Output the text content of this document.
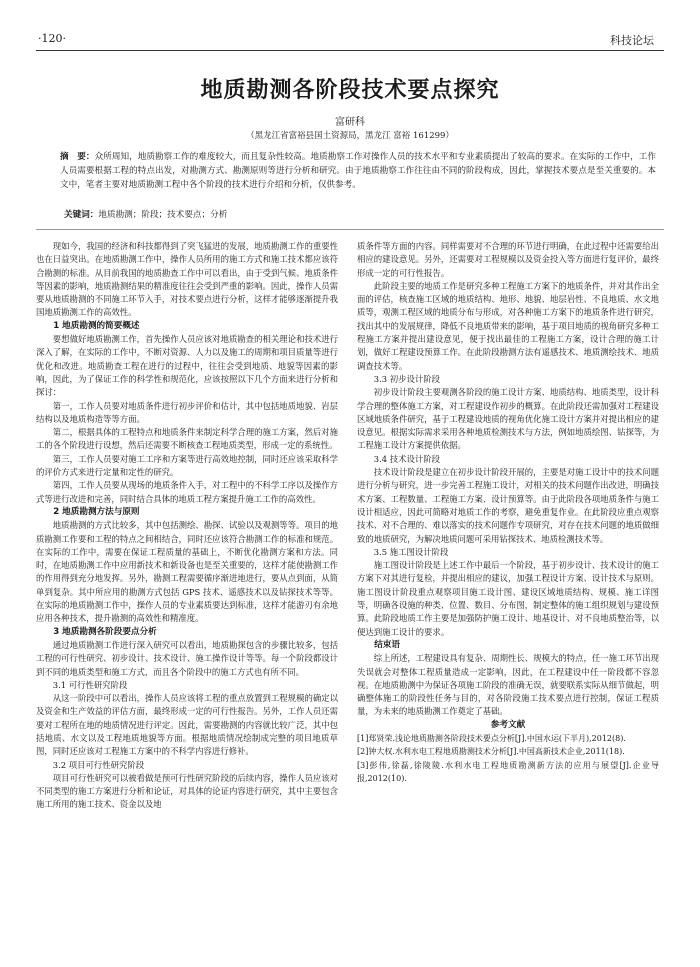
·120·	科技论坛
地质勘测各阶段技术要点探究
富研科
（黑龙江省富裕县国土资源局，黑龙江 富裕 161299）
摘　要：众所周知，地质勘察工作的难度较大，而且复杂性较高。地质勘察工作对操作人员的技术水平和专业素质提出了较高的要求。在实际的工作中，工作人员需要根据工程的特点出发，对勘测方式、勘测原则等进行分析和研究。由于地质勘察工作往往由不同的阶段构成，因此，掌握技术要点是至关重要的。本文中，笔者主要对地质勘测工程中各个阶段的技术进行介绍和分析，仅供参考。
关键词：地质勘测；阶段；技术要点；分析

现如今，我国的经济和科技都得到了突飞猛进的发展，地质勘测工作的重要性也在日益突出。在地质勘测工作中，操作人员所用的施工方式和施工技术都应该符合勘测的标准。从目前我国的地质勘查工作中可以看出，由于受到气候、地质条件等因素的影响，地质勘测结果的精准度往往会受到严重的影响。因此，操作人员需要从地质勘测的不同施工环节入手，对技术要点进行分析，这样才能够逐渐提升我国地质勘测工作的高效性。

1 地质勘测的简要概述

要想做好地质勘测工作，首先操作人员应该对地质勘查的相关理论和技术进行深入了解，在实际的工作中，不断对资源、人力以及施工的周期和项目质量等进行优化和改进。地质勘查工程在进行的过程中，往往会受到地质、地貌等因素的影响，因此，为了保证工作的科学性和规范化，应该按照以下几个方面来进行分析和探讨：

第一，工作人员要对地质条件进行初步评价和估计，其中包括地质地貌、岩层结构以及地质构造等等方面。

第二，根据具体的工程特点和地质条件来制定科学合理的施工方案，然后对施工的各个阶段进行设想，然后还需要不断核查工程地质类型，形成一定的系统性。

第三，工作人员要对施工工序和方案等进行高效地控制，同时还应该采取科学的评价方式来进行定量和定性的研究。

第四，工作人员要从现场的地质条件入手，对工程中的不科学工序以及操作方式等进行改进和完善，同时结合具体的地质工程方案提升施工工作的高效性。

2 地质勘测方法与原则

地质勘测的方式比较多，其中包括测绘、勘探、试验以及观测等等。项目的地质勘测工作要和工程的特点之间相结合，同时还应该符合勘测工作的标准和规范。在实际的工作中，需要在保证工程质量的基础上，不断优化勘测方案和方法。同时，在地质勘测工作中应用新技术和新设备也是至关重要的，这样才能使勘测工作的作用得到充分地发挥。另外，勘测工程需要循序渐进地进行，要从点到面，从简单到复杂。其中所应用的勘测方式包括 GPS 技术、遥感技术以及钻探技术等等。在实际的地质勘测工作中，操作人员的专业素质要达到标准，这样才能游刃有余地应用各种技术，提升勘测的高效性和精准度。

3 地质勘测各阶段要点分析

通过地质勘测工作进行深入研究可以看出，地质勘探包含的步骤比较多，包括工程的可行性研究、初步设计、技术设计、施工操作设计等等。每一个阶段都设计到不同的地质类型和施工方式，而且各个阶段中的施工方式也有所不同。

3.1 可行性研究阶段

从这一阶段中可以看出，操作人员应该将工程的重点放置到工程规模的确定以及资金和生产效益的评估方面，最终形成一定的可行性报告。另外，工作人员还需要对工程所在地的地质情况进行评定。因此，需要勘测的内容就比较广泛，其中包括地质、水文以及工程地质地貌等方面。根据地质情况绘制成完整的项目地质草图，同时还应该对工程施工方案中的不科学内容进行修补。

3.2 项目可行性研究阶段

项目可行性研究可以被看做是预可行性研究阶段的后续内容，操作人员应该对不同类型的施工方案进行分析和论证，对具体的论证内容进行研究，其中主要包含施工所用的施工技术、资金以及地

质条件等方面的内容。同样需要对不合理的环节进行明确，在此过程中还需要给出相应的建设意见。另外，还需要对工程规模以及资金投入等方面进行复评价，最终形成一定的可行性报告。

此阶段主要的地质工作是研究多种工程施工方案下的地质条件，并对其作出全面的评估，核查施工区域的地质结构、地形、地貌、地层岩性、不良地质、水文地质等，观测工程区域的地质分布与形成，对各种施工方案下的地质条件进行研究，找出其中的发展规律，降低不良地质带来的影响，基于项目地质的视角研究多种工程施工方案并提出建设意见，便于找出最佳的工程施工方案，设计合理的施工计划，做好工程建设预算工作。在此阶段勘测方法有遥感技术、地质测绘技术、地质调查技术等。

3.3 初步设计阶段

初步设计阶段主要观测各阶段的施工设计方案、地质结构、地质类型，设计科学合理的整体施工方案，对工程建设作初步的概算。在此阶段还需加强对工程建设区域地质条件研究，基于工程建设地质的视角优化施工设计方案并对提出相应的建设意见。根据实际需求采用各种地质检测技术与方法，例如地质绘图、钻探等，为工程施工设计方案提供依据。

3.4 技术设计阶段

技术设计阶段是建立在初步设计阶段开展的，主要是对施工设计中的技术问题进行分析与研究，进一步完善工程施工设计，对相关的技术问题作出改进，明确技术方案、工程数量、工程施工方案、设计预算等。由于此阶段各项地质条件与施工设计相适应，因此可简略对地质工作的考察，避免重复作业。在此阶段应重点观察技术、对不合理的、难以落实的技术问题作专项研究，对存在技术问题的地质做细致的地质研究，为解决地质问题可采用钻探技术、地质检测技术等。

3.5 施工图设计阶段

施工图设计阶段是上述工作中最后一个阶段，基于初步设计、技术设计的施工方案下对其进行复检，并提出相应的建议，加强工程设计方案、设计技术与原则。施工图设计阶段重点观察项目施工设计图、建设区域地质结构、规模、施工详图等，明确各设施的种类、位置、数目、分布图，制定整体的施工组织规划与建设预算。此阶段地质工作主要是加强防护施工设计、地基设计、对不良地质整治等，以便达到施工设计的要求。

结束语

综上所述，工程建设具有复杂、周期性长、规模大的特点，任一施工环节出现失误就会对整体工程质量造成一定影响，因此，在工程建设中任一阶段都不容忽视。在地质勘测中为保证各项施工阶段的准确无误，就要联系实际从细节做起，明确整体施工的阶段性任务与目的，对各阶段施工技术要点进行控制，保证工程质量，为未来的地质勘测工作奠定了基础。

参考文献

[1]郑贤荣.浅论地质勘测各阶段技术要点分析[J].中国水运(下半月),2012(8).

[2]钟大权.水利水电工程地质勘测技术分析[J].中国高新技术企业,2011(18).

[3]彭伟,徐磊,徐陵陵.水利水电工程地质勘测新方法的应用与展望[J].企业导报,2012(10).
